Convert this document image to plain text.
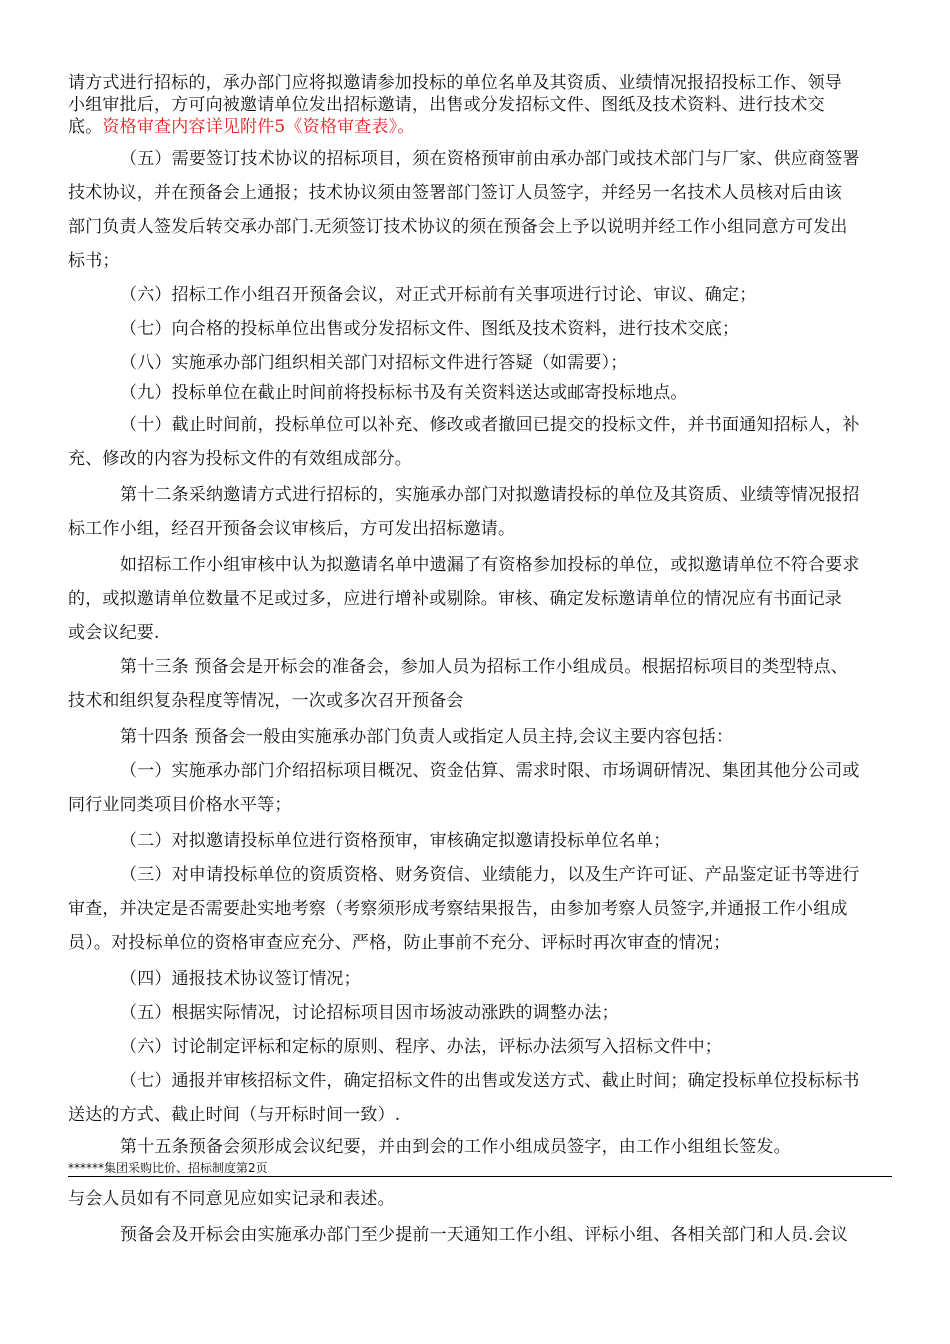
请方式进行招标的，承办部门应将拟邀请参加投标的单位名单及其资质、业绩情况报招投标工作、领导
小组审批后，方可向被邀请单位发出招标邀请，出售或分发招标文件、图纸及技术资料、进行技术交
底。资格审查内容详见附件5《资格审查表》。
（五）需要签订技术协议的招标项目，须在资格预审前由承办部门或技术部门与厂家、供应商签署
技术协议，并在预备会上通报；技术协议须由签署部门签订人员签字，并经另一名技术人员核对后由该
部门负责人签发后转交承办部门.无须签订技术协议的须在预备会上予以说明并经工作小组同意方可发出
标书；
（六）招标工作小组召开预备会议，对正式开标前有关事项进行讨论、审议、确定；
（七）向合格的投标单位出售或分发招标文件、图纸及技术资料，进行技术交底；
（八）实施承办部门组织相关部门对招标文件进行答疑（如需要）；
（九）投标单位在截止时间前将投标标书及有关资料送达或邮寄投标地点。
（十）截止时间前，投标单位可以补充、修改或者撤回已提交的投标文件，并书面通知招标人，补
充、修改的内容为投标文件的有效组成部分。
第十二条采纳邀请方式进行招标的，实施承办部门对拟邀请投标的单位及其资质、业绩等情况报招
标工作小组，经召开预备会议审核后，方可发出招标邀请。
如招标工作小组审核中认为拟邀请名单中遗漏了有资格参加投标的单位，或拟邀请单位不符合要求
的，或拟邀请单位数量不足或过多，应进行增补或剔除。审核、确定发标邀请单位的情况应有书面记录
或会议纪要.
第十三条 预备会是开标会的准备会，参加人员为招标工作小组成员。根据招标项目的类型特点、
技术和组织复杂程度等情况，一次或多次召开预备会
第十四条 预备会一般由实施承办部门负责人或指定人员主持,会议主要内容包括：
（一）实施承办部门介绍招标项目概况、资金估算、需求时限、市场调研情况、集团其他分公司或
同行业同类项目价格水平等；
（二）对拟邀请投标单位进行资格预审，审核确定拟邀请投标单位名单；
（三）对申请投标单位的资质资格、财务资信、业绩能力，以及生产许可证、产品鉴定证书等进行
审查，并决定是否需要赴实地考察（考察须形成考察结果报告，由参加考察人员签字,并通报工作小组成
员）。对投标单位的资格审查应充分、严格，防止事前不充分、评标时再次审查的情况；
（四）通报技术协议签订情况；
（五）根据实际情况，讨论招标项目因市场波动涨跌的调整办法；
（六）讨论制定评标和定标的原则、程序、办法，评标办法须写入招标文件中；
（七）通报并审核招标文件，确定招标文件的出售或发送方式、截止时间；确定投标单位投标标书
送达的方式、截止时间（与开标时间一致）.
第十五条预备会须形成会议纪要，并由到会的工作小组成员签字，由工作小组组长签发。
******集团采购比价、招标制度第2页
与会人员如有不同意见应如实记录和表述。
预备会及开标会由实施承办部门至少提前一天通知工作小组、评标小组、各相关部门和人员.会议
